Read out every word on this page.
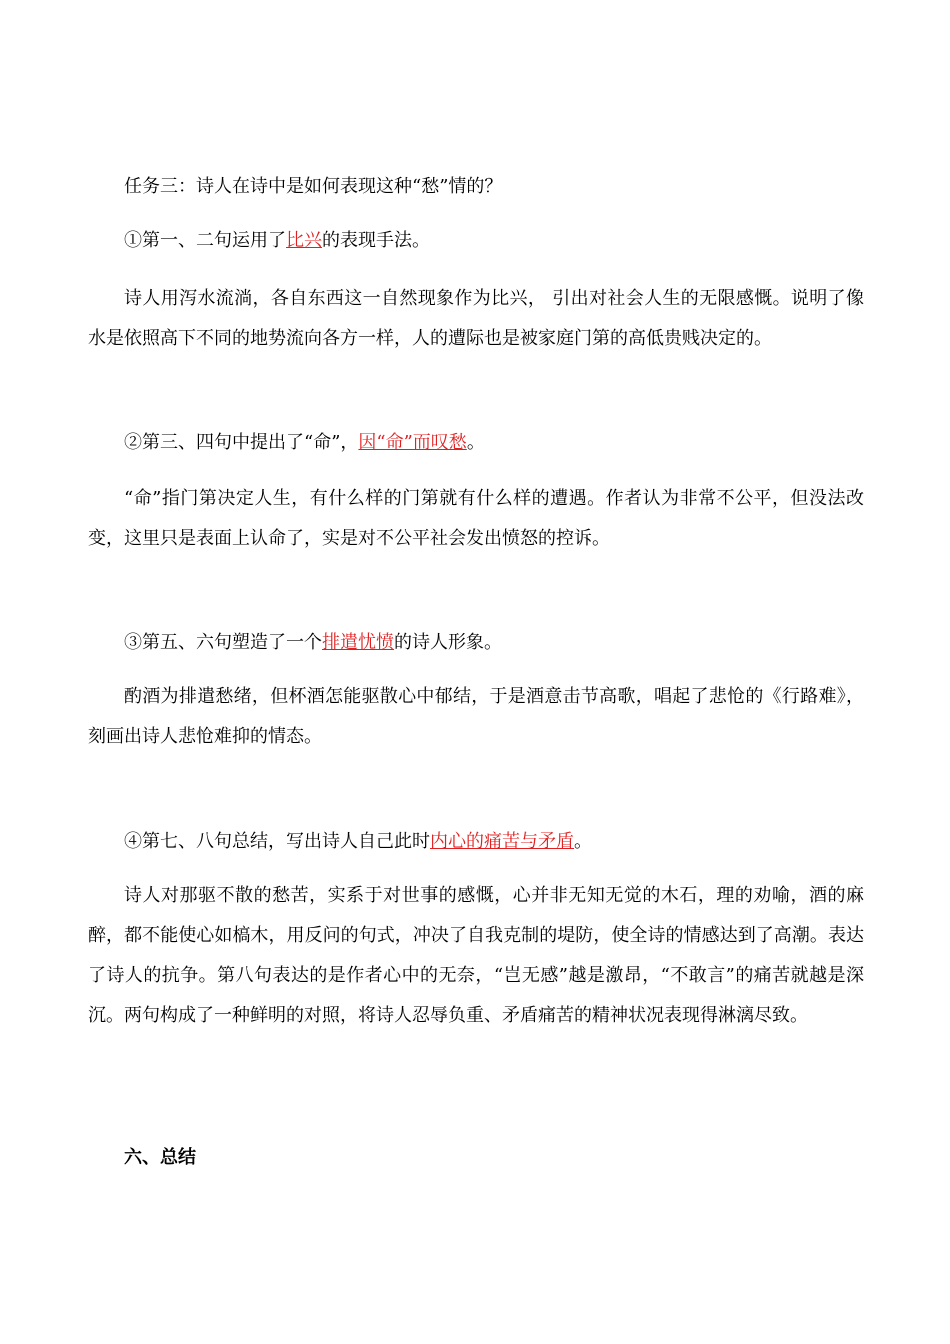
任务三：诗人在诗中是如何表现这种“愁”情的？
①第一、二句运用了比兴的表现手法。

诗人用泻水流淌，各自东西这一自然现象作为比兴， 引出对社会人生的无限感慨。说明了像水是依照高下不同的地势流向各方一样，人的遭际也是被家庭门第的高低贵贱决定的。

②第三、四句中提出了“命”，因“命”而叹愁。

“命”指门第决定人生，有什么样的门第就有什么样的遭遇。作者认为非常不公平，但没法改变，这里只是表面上认命了，实是对不公平社会发出愤怒的控诉。

③第五、六句塑造了一个排遣忧愤的诗人形象。

酌酒为排遣愁绪，但杯酒怎能驱散心中郁结，于是酒意击节高歌，唱起了悲怆的《行路难》，刻画出诗人悲怆难抑的情态。

④第七、八句总结，写出诗人自己此时内心的痛苦与矛盾。

诗人对那驱不散的愁苦，实系于对世事的感慨，心并非无知无觉的木石，理的劝喻，酒的麻醉，都不能使心如槁木，用反问的句式，冲决了自我克制的堤防，使全诗的情感达到了高潮。表达了诗人的抗争。第八句表达的是作者心中的无奈，“岂无感”越是激昂，“不敢言”的痛苦就越是深沉。两句构成了一种鲜明的对照，将诗人忍辱负重、矛盾痛苦的精神状况表现得淋漓尽致。

六、总结
